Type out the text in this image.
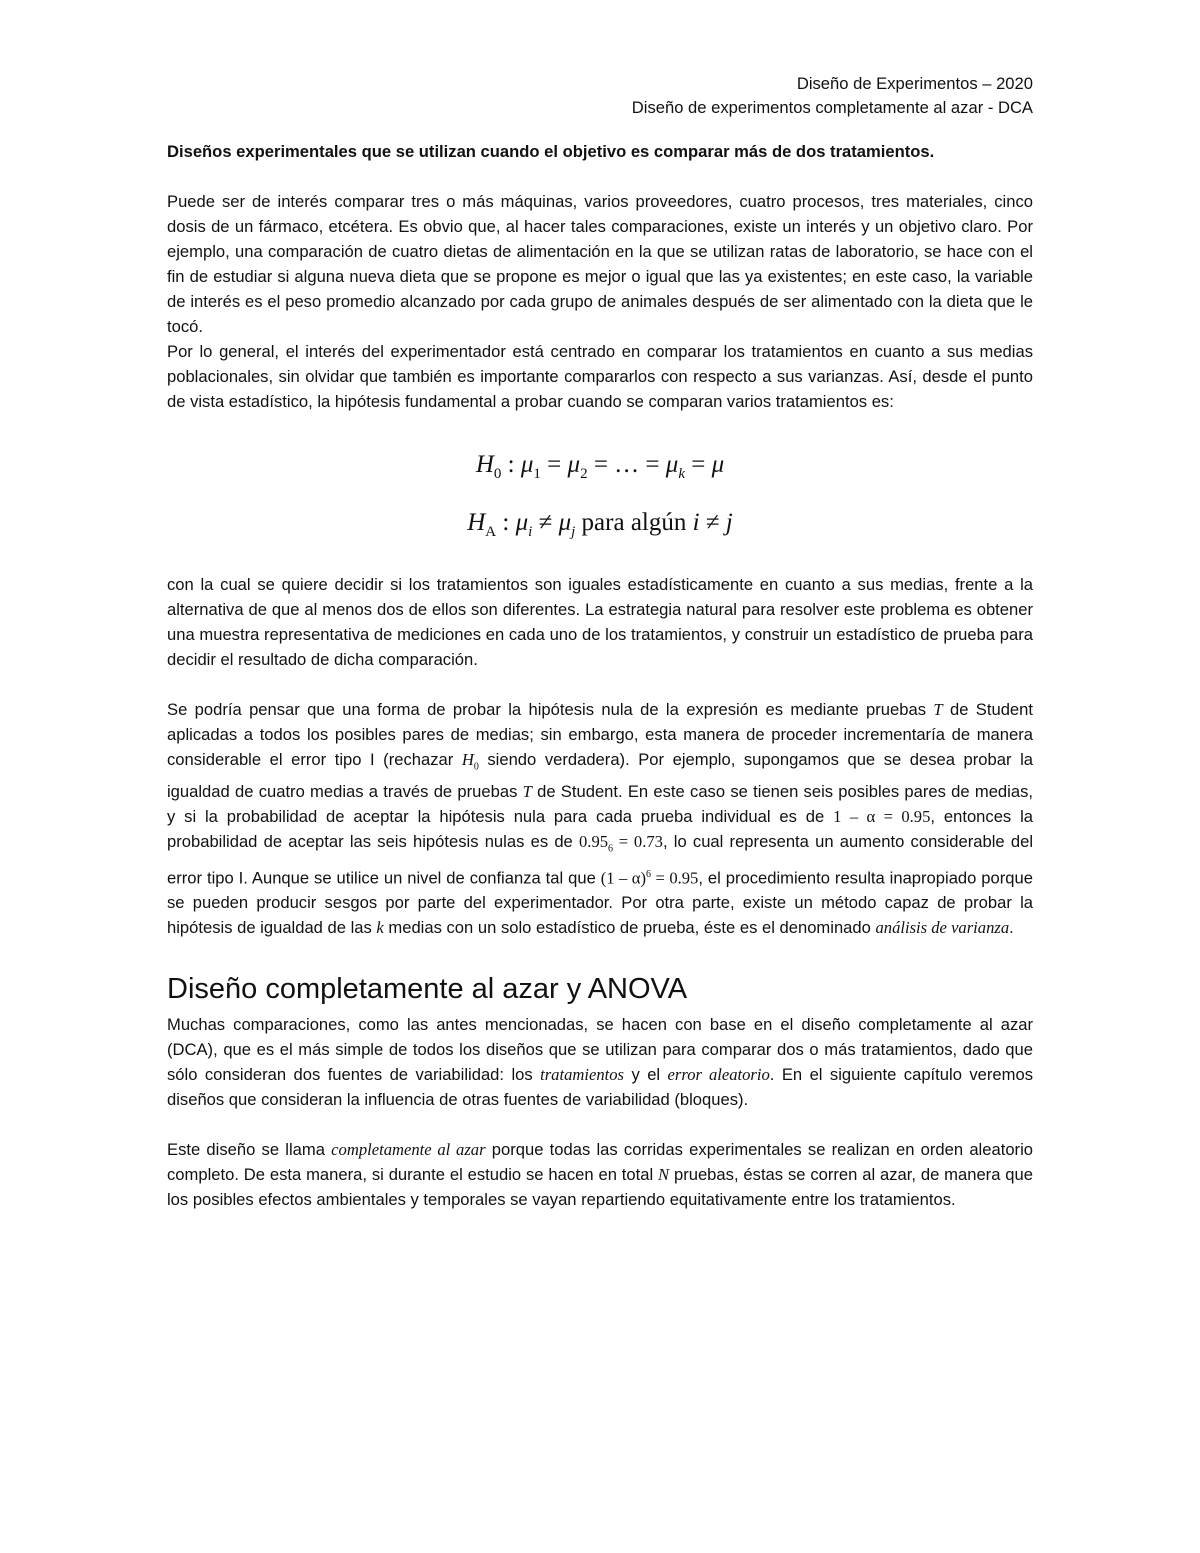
Diseño de Experimentos – 2020
Diseño de experimentos completamente al azar - DCA

Diseños experimentales que se utilizan cuando el objetivo es comparar más de dos tratamientos.

Puede ser de interés comparar tres o más máquinas, varios proveedores, cuatro procesos, tres materiales, cinco dosis de un fármaco, etcétera. Es obvio que, al hacer tales comparaciones, existe un interés y un objetivo claro. Por ejemplo, una comparación de cuatro dietas de alimentación en la que se utilizan ratas de laboratorio, se hace con el fin de estudiar si alguna nueva dieta que se propone es mejor o igual que las ya existentes; en este caso, la variable de interés es el peso promedio alcanzado por cada grupo de animales después de ser alimentado con la dieta que le tocó.

Por lo general, el interés del experimentador está centrado en comparar los tratamientos en cuanto a sus medias poblacionales, sin olvidar que también es importante compararlos con respecto a sus varianzas. Así, desde el punto de vista estadístico, la hipótesis fundamental a probar cuando se comparan varios tratamientos es:

$H_0$ : $\mu_1 = \mu_2$ = … = $\mu_k = \mu$
$H_A$ : $\mu_i \ne \mu_j$ para algún i ≠ j

con la cual se quiere decidir si los tratamientos son iguales estadísticamente en cuanto a sus medias, frente a la alternativa de que al menos dos de ellos son diferentes. La estrategia natural para resolver este problema es obtener una muestra representativa de mediciones en cada uno de los tratamientos, y construir un estadístico de prueba para decidir el resultado de dicha comparación.

Se podría pensar que una forma de probar la hipótesis nula de la expresión es mediante pruebas T de Student aplicadas a todos los posibles pares de medias; sin embargo, esta manera de proceder incrementaría de manera considerable el error tipo I (rechazar $H_0$ siendo verdadera). Por ejemplo, supongamos que se desea probar la igualdad de cuatro medias a través de pruebas T de Student. En este caso se tienen seis posibles pares de medias, y si la probabilidad de aceptar la hipótesis nula para cada prueba individual es de 1 – α = 0.95, entonces la probabilidad de aceptar las seis hipótesis nulas es de $0.95_6 = 0.73$, lo cual representa un aumento considerable del error tipo I. Aunque se utilice un nivel de confianza tal que (1 – α)$^6$ = 0.95, el procedimiento resulta inapropiado porque se pueden producir sesgos por parte del experimentador. Por otra parte, existe un método capaz de probar la hipótesis de igualdad de las k medias con un solo estadístico de prueba, éste es el denominado análisis de varianza.

Diseño completamente al azar y ANOVA

Muchas comparaciones, como las antes mencionadas, se hacen con base en el diseño completamente al azar (DCA), que es el más simple de todos los diseños que se utilizan para comparar dos o más tratamientos, dado que sólo consideran dos fuentes de variabilidad: los tratamientos y el error aleatorio. En el siguiente capítulo veremos diseños que consideran la influencia de otras fuentes de variabilidad (bloques).

Este diseño se llama completamente al azar porque todas las corridas experimentales se realizan en orden aleatorio completo. De esta manera, si durante el estudio se hacen en total N pruebas, éstas se corren al azar, de manera que los posibles efectos ambientales y temporales se vayan repartiendo equitativamente entre los tratamientos.
